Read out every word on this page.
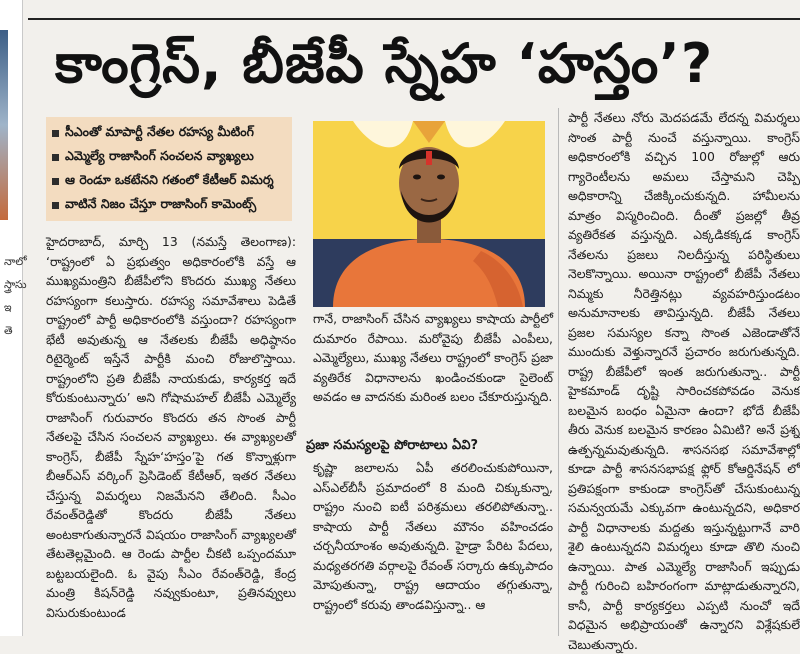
నాలో స్త్రాసు ఇతె
కాంగ్రెస్, బీజేపీ స్నేహ ‘హస్తం’?
సీఎంతో మాపార్టీ నేతల రహస్య మీటింగ్
ఎమ్మెల్యే రాజాసింగ్ సంచలన వ్యాఖ్యలు
ఆ రెండూ ఒకటేనని గతంలో కేటీఆర్ విమర్శ
వాటినే నిజం చేస్తూ రాజాసింగ్ కామెంట్స్

హైదరాబాద్, మార్చి 13 (నమస్తే తెలంగాణ): ‘రాష్ట్రంలో ఏ ప్రభుత్వం అధికారంలోకి వస్తే ఆ ముఖ్యమంత్రిని బీజేపీలోని కొందరు ముఖ్య నేతలు రహస్యంగా కలుస్తారు. రహస్య సమావేశాలు పెడితే రాష్ట్రంలో పార్టీ అధికారంలోకి వస్తుందా? రహస్యంగా భేటీ అవుతున్న ఆ నేతలకు బీజేపీ అధిష్ఠానం రిటైర్మెంట్ ఇస్తేనే పార్టీకి మంచి రోజులొస్తాయి. రాష్ట్రంలోని ప్రతి బీజేపీ నాయకుడు, కార్యకర్త ఇదే కోరుకుంటున్నారు’ అని గోషామహల్ బీజేపీ ఎమ్మెల్యే రాజాసింగ్ గురువారం కొందరు తన సొంత పార్టీ నేతలపై చేసిన సంచలన వ్యాఖ్యలు. ఈ వ్యాఖ్యలతో కాంగ్రెస్, బీజేపీ స్నేహ‘హస్తం’పై గత కొన్నాళ్లుగా బీఆర్‌ఎస్ వర్కింగ్ ప్రెసిడెంట్ కేటీఆర్, ఇతర నేతలు చేస్తున్న విమర్శలు నిజమేనని తేలింది. సీఎం రేవంత్‌రెడ్డితో కొందరు బీజేపీ నేతలు అంటకాగుతున్నారనే విషయం రాజాసింగ్ వ్యాఖ్యలతో తేటతెల్లమైంది. ఆ రెండు పార్టీల చీకటి ఒప్పందమూ బట్టబయలైంది. ఓ వైపు సీఎం రేవంత్‌రెడ్డి, కేంద్ర మంత్రి కిషన్‌రెడ్డి నవ్వుకుంటూ, ప్రతినవ్వులు విసురుకుంటుండ

గానే, రాజాసింగ్ చేసిన వ్యాఖ్యలు కాషాయ పార్టీలో దుమారం రేపాయి. మరోవైపు బీజేపీ ఎంపీలు, ఎమ్మెల్యేలు, ముఖ్య నేతలు రాష్ట్రంలో కాంగ్రెస్ ప్రజా వ్యతిరేక విధానాలను ఖండించకుండా సైలెంట్ అవడం ఆ వాదనకు మరింత బలం చేకూరుస్తున్నది.

ప్రజా సమస్యలపై పోరాటాలు ఏవి?

కృష్ణా జలాలను ఏపీ తరలించుకుపోయినా, ఎస్‌ఎల్‌బీసీ ప్రమాదంలో 8 మంది చిక్కుకున్నా, రాష్ట్రం నుంచి ఐటీ పరిశ్రమలు తరలిపోతున్నా.. కాషాయ పార్టీ నేతలు మౌనం వహించడం చర్చనీయాంశం అవుతున్నది. హైడ్రా పేరిట పేదలు, మధ్యతరగతి వర్గాలపై రేవంత్ సర్కారు ఉక్కుపాదం మోపుతున్నా, రాష్ట్ర ఆదాయం తగ్గుతున్నా, రాష్ట్రంలో కరువు తాండవిస్తున్నా.. ఆ

పార్టీ నేతలు నోరు మెదపడమే లేదన్న విమర్శలు సొంత పార్టీ నుంచే వస్తున్నాయి. కాంగ్రెస్ అధికారంలోకి వచ్చిన 100 రోజుల్లో ఆరు గ్యారెంటీలను అమలు చేస్తామని చెప్పి అధికారాన్ని చేజిక్కించుకున్నది. హామీలను మాత్రం విస్మరించింది. దీంతో ప్రజల్లో తీవ్ర వ్యతిరేకత వస్తున్నది. ఎక్కడికక్కడ కాంగ్రెస్ నేతలను ప్రజలు నిలదీస్తున్న పరిస్థితులు నెలకొన్నాయి. అయినా రాష్ట్రంలో బీజేపీ నేతలు నిమ్మకు నీరెత్తినట్లు వ్యవహరిస్తుండటం అనుమానాలకు తావిస్తున్నది. బీజేపీ నేతలు ప్రజల సమస్యల కన్నా సొంత ఎజెండాతోనే ముందుకు వెళ్తున్నారనే ప్రచారం జరుగుతున్నది. రాష్ట్ర బీజేపీలో ఇంత జరుగుతున్నా.. పార్టీ హైకమాండ్ దృష్టి సారించకపోవడం వెనుక బలమైన బంధం ఏమైనా ఉందా? భోదే బీజేపీ తీరు వెనుక బలమైన కారణం ఏమిటి? అనే ప్రశ్న ఉత్పన్నమవుతున్నది. శాసనసభ సమావేశాల్లో కూడా పార్టీ శాసనసభాపక్ష ఫ్లోర్ కోఆర్డినేషన్ లో ప్రతిపక్షంగా కాకుండా కాంగ్రెస్‌తో చేసుకుంటున్న సమన్వయమే ఎక్కువగా ఉంటున్నదని, అధికార పార్టీ విధానాలకు మద్దతు ఇస్తున్నట్టుగానే వారి శైలి ఉంటున్నదని విమర్శలు కూడా తొలి నుంచి ఉన్నాయి. పాత ఎమ్మెల్యే రాజాసింగ్ ఇప్పుడు పార్టీ గురించి బహిరంగంగా మాట్లాడుతున్నారని, కానీ, పార్టీ కార్యకర్తలు ఎప్పటి నుంచో ఇదే విధమైన అభిప్రాయంతో ఉన్నారని విశ్లేషకులే చెబుతున్నారు.
